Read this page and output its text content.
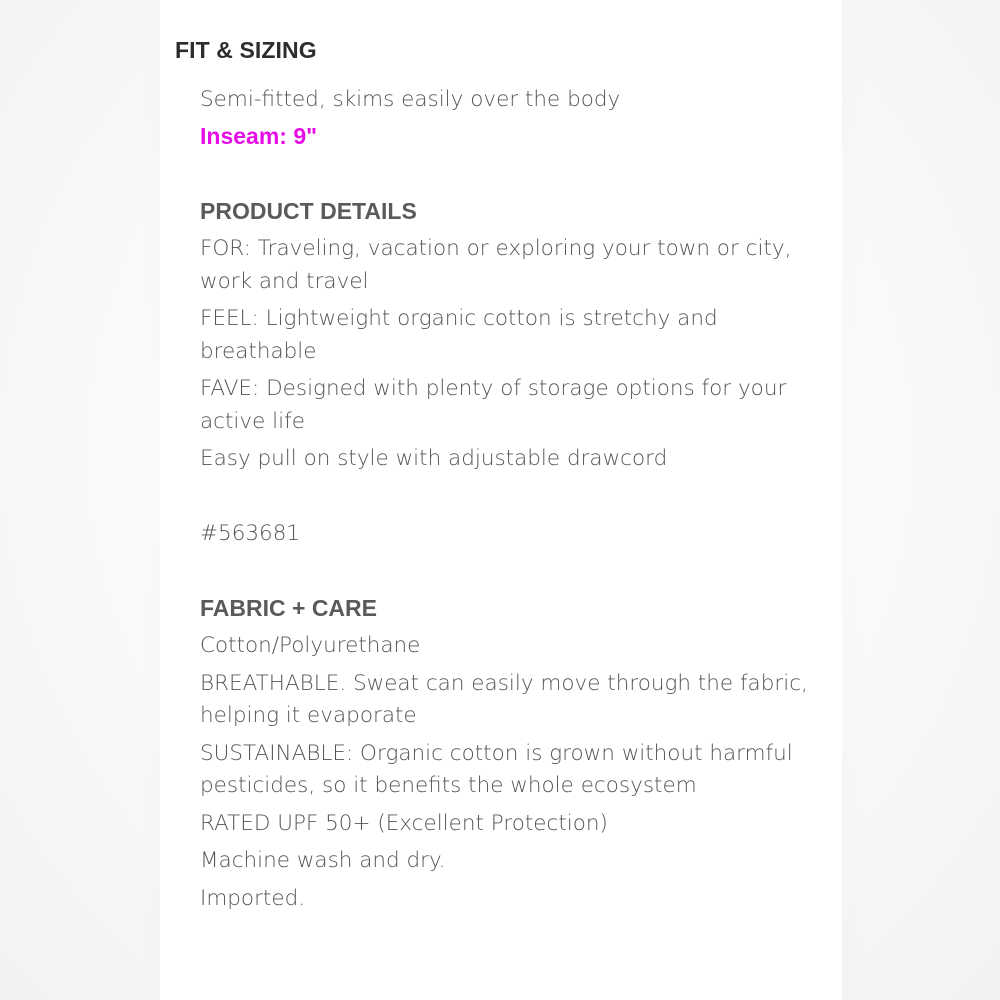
FIT & SIZING

Semi-fitted, skims easily over the body

Inseam: 9"

PRODUCT DETAILS

FOR: Traveling, vacation or exploring your town or city, work and travel

FEEL: Lightweight organic cotton is stretchy and breathable

FAVE: Designed with plenty of storage options for your active life

Easy pull on style with adjustable drawcord

#563681

FABRIC + CARE

Cotton/Polyurethane

BREATHABLE. Sweat can easily move through the fabric, helping it evaporate

SUSTAINABLE: Organic cotton is grown without harmful pesticides, so it benefits the whole ecosystem

RATED UPF 50+ (Excellent Protection)

Machine wash and dry.

Imported.
